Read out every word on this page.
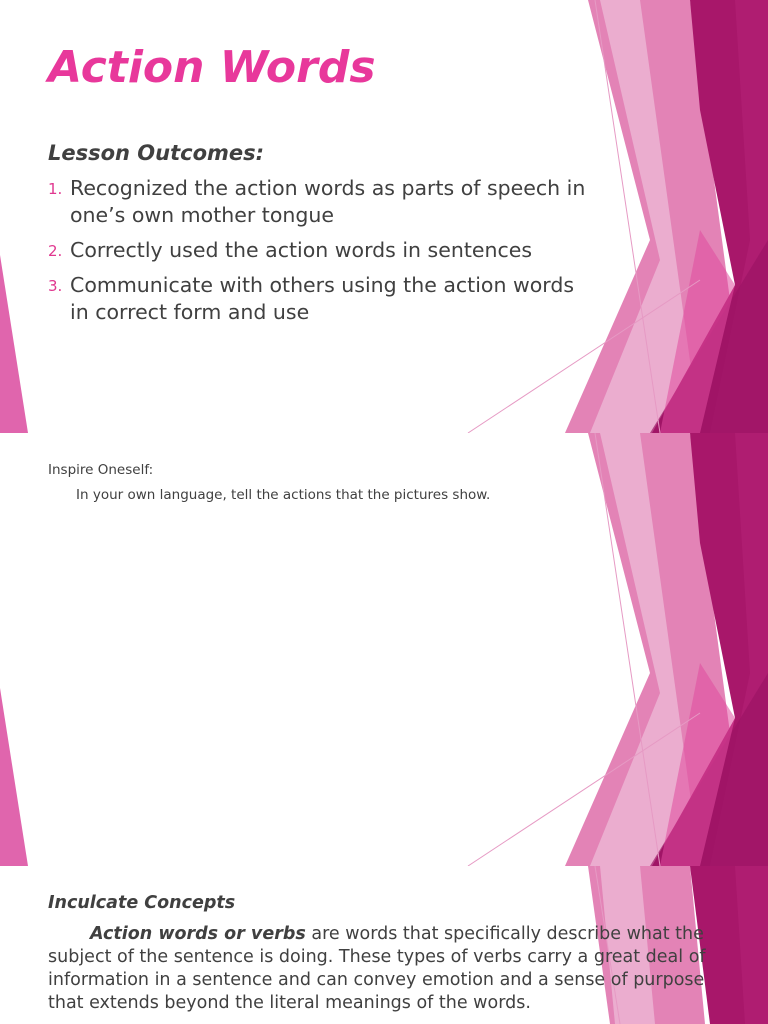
Action Words
Lesson Outcomes:
1. Recognized the action words as parts of speech in one’s own mother tongue
2. Correctly used the action words in sentences
3. Communicate with others using the action words in correct form and use

Inspire Oneself:

In your own language, tell the actions that the pictures show.

Inculcate Concepts

Action words or verbs are words that specifically describe what the subject of the sentence is doing. These types of verbs carry a great deal of information in a sentence and can convey emotion and a sense of purpose that extends beyond the literal meanings of the words.
